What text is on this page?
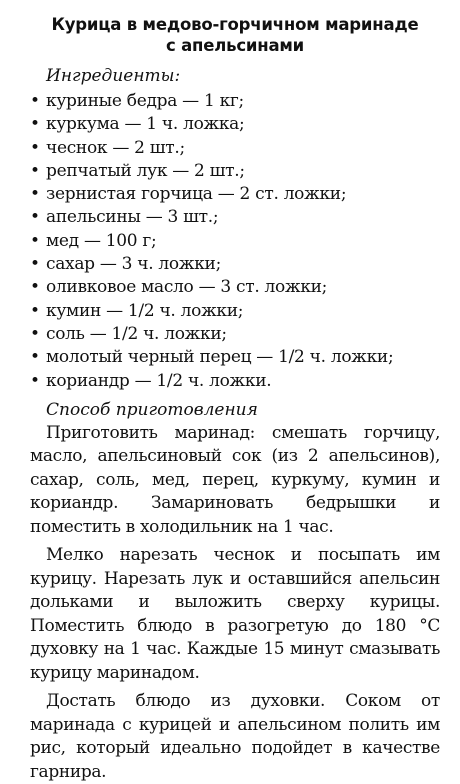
Курица в медово-горчичном маринаде
с апельсинами
Ингредиенты:
• куриные бедра — 1 кг;
• куркума — 1 ч. ложка;
• чеснок — 2 шт.;
• репчатый лук — 2 шт.;
• зернистая горчица — 2 ст. ложки;
• апельсины — 3 шт.;
• мед — 100 г;
• сахар — 3 ч. ложки;
• оливковое масло — 3 ст. ложки;
• кумин — 1/2 ч. ложки;
• соль — 1/2 ч. ложки;
• молотый черный перец — 1/2 ч. ложки;
• кориандр — 1/2 ч. ложки.
Способ приготовления

Приготовить маринад: смешать горчицу, масло, апельсиновый сок (из 2 апельсинов), сахар, соль, мед, перец, куркуму, кумин и кориандр. Замариновать бедрышки и поместить в холодильник на 1 час.

Мелко нарезать чеснок и посыпать им курицу. Нарезать лук и оставшийся апельсин дольками и выложить сверху курицы. Поместить блюдо в разогретую до 180 °С духовку на 1 час. Каждые 15 минут смазывать курицу маринадом.

Достать блюдо из духовки. Соком от маринада с курицей и апельсином полить им рис, который идеально подойдет в качестве гарнира.
